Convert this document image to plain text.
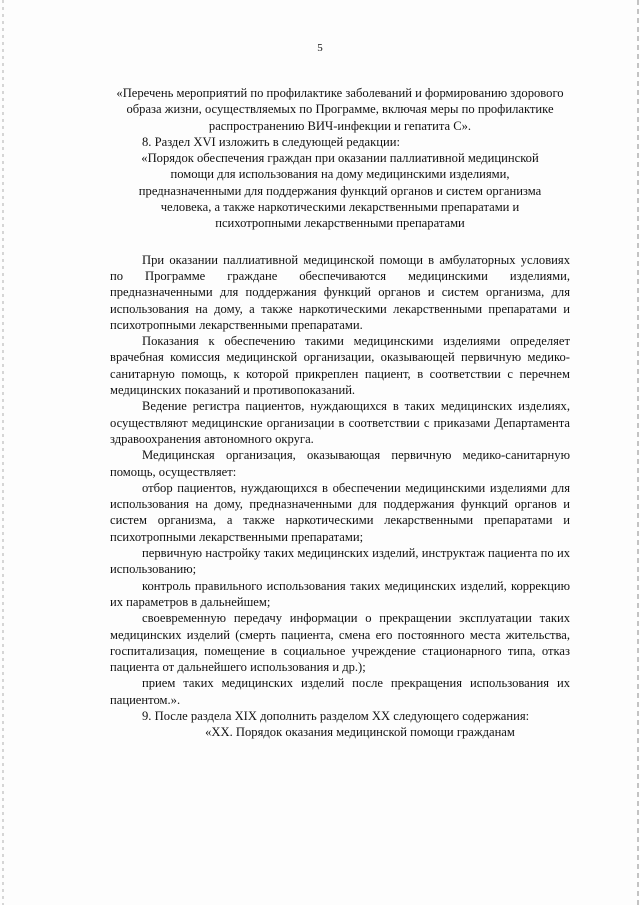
5

«Перечень мероприятий по профилактике заболеваний и формированию здорового образа жизни, осуществляемых по Программе, включая меры по профилактике распространению ВИЧ-инфекции и гепатита С».

8. Раздел XVI изложить в следующей редакции:

«Порядок обеспечения граждан при оказании паллиативной медицинской помощи для использования на дому медицинскими изделиями, предназначенными для поддержания функций органов и систем организма человека, а также наркотическими лекарственными препаратами и психотропными лекарственными препаратами

При оказании паллиативной медицинской помощи в амбулаторных условиях по Программе граждане обеспечиваются медицинскими изделиями, предназначенными для поддержания функций органов и систем организма, для использования на дому, а также наркотическими лекарственными препаратами и психотропными лекарственными препаратами.

Показания к обеспечению такими медицинскими изделиями определяет врачебная комиссия медицинской организации, оказывающей первичную медико-санитарную помощь, к которой прикреплен пациент, в соответствии с перечнем медицинских показаний и противопоказаний.

Ведение регистра пациентов, нуждающихся в таких медицинских изделиях, осуществляют медицинские организации в соответствии с приказами Департамента здравоохранения автономного округа.

Медицинская организация, оказывающая первичную медико-санитарную помощь, осуществляет:

отбор пациентов, нуждающихся в обеспечении медицинскими изделиями для использования на дому, предназначенными для поддержания функций органов и систем организма, а также наркотическими лекарственными препаратами и психотропными лекарственными препаратами;

первичную настройку таких медицинских изделий, инструктаж пациента по их использованию;

контроль правильного использования таких медицинских изделий, коррекцию их параметров в дальнейшем;

своевременную передачу информации о прекращении эксплуатации таких медицинских изделий (смерть пациента, смена его постоянного места жительства, госпитализация, помещение в социальное учреждение стационарного типа, отказ пациента от дальнейшего использования и др.);

прием таких медицинских изделий после прекращения использования их пациентом.».

9. После раздела XIX дополнить разделом XX следующего содержания:

«XX. Порядок оказания медицинской помощи гражданам
